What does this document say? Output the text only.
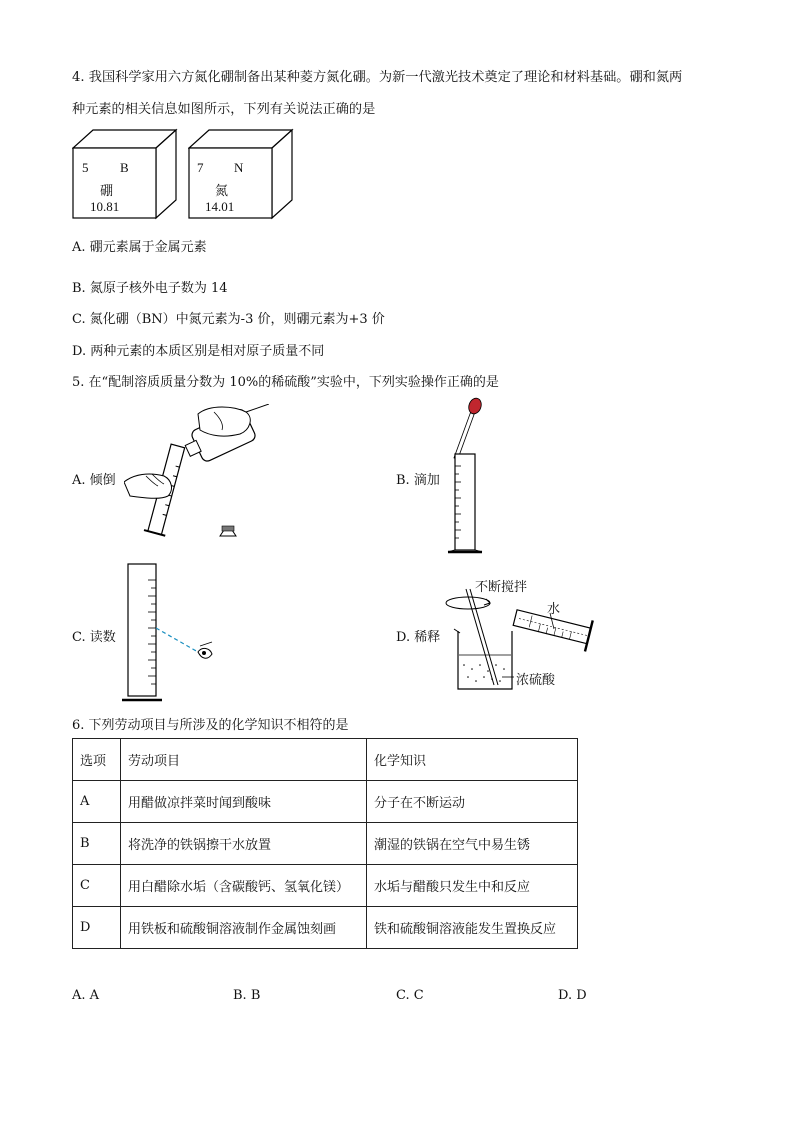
4. 我国科学家用六方氮化硼制备出某种菱方氮化硼。为新一代激光技术奠定了理论和材料基础。硼和氮两
种元素的相关信息如图所示，下列有关说法正确的是
5 B
硼
10.81
7 N
氮
14.01
A. 硼元素属于金属元素
B. 氮原子核外电子数为 14
C. 氮化硼（BN）中氮元素为-3 价，则硼元素为+3 价
D. 两种元素的本质区别是相对原子质量不同
5. 在“配制溶质质量分数为 10%的稀硫酸”实验中，下列实验操作正确的是
A. 倾倒	B. 滴加
C. 读数
不断搅拌
水
浓硫酸
D. 稀释
6. 下列劳动项目与所涉及的化学知识不相符的是
选项	劳动项目	化学知识
A	用醋做凉拌菜时闻到酸味	分子在不断运动
B	将洗净的铁锅擦干水放置	潮湿的铁锅在空气中易生锈
C	用白醋除水垢（含碳酸钙、氢氧化镁）	水垢与醋酸只发生中和反应
D	用铁板和硫酸铜溶液制作金属蚀刻画	铁和硫酸铜溶液能发生置换反应
A. A	B. B	C. C	D. D
